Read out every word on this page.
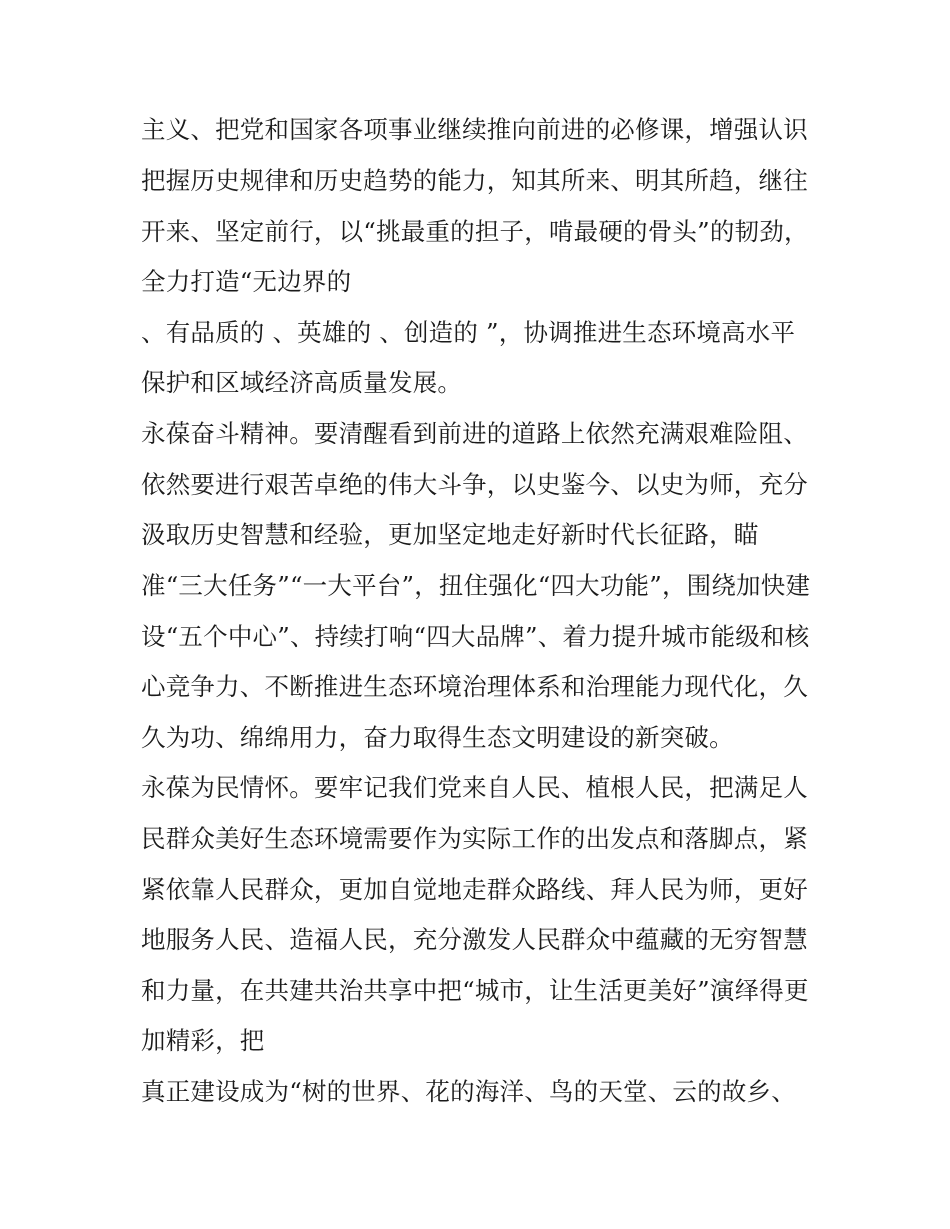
主义、把党和国家各项事业继续推向前进的必修课，增强认识
把握历史规律和历史趋势的能力，知其所来、明其所趋，继往
开来、坚定前行，以“挑最重的担子，啃最硬的骨头”的韧劲，
全力打造“无边界的
、有品质的 、英雄的 、创造的 ”，协调推进生态环境高水平
保护和区域经济高质量发展。
永葆奋斗精神。要清醒看到前进的道路上依然充满艰难险阻、
依然要进行艰苦卓绝的伟大斗争，以史鉴今、以史为师，充分
汲取历史智慧和经验，更加坚定地走好新时代长征路，瞄
准“三大任务”“一大平台”，扭住强化“四大功能”，围绕加快建
设“五个中心”、持续打响“四大品牌”、着力提升城市能级和核
心竞争力、不断推进生态环境治理体系和治理能力现代化，久
久为功、绵绵用力，奋力取得生态文明建设的新突破。
永葆为民情怀。要牢记我们党来自人民、植根人民，把满足人
民群众美好生态环境需要作为实际工作的出发点和落脚点，紧
紧依靠人民群众，更加自觉地走群众路线、拜人民为师，更好
地服务人民、造福人民，充分激发人民群众中蕴藏的无穷智慧
和力量，在共建共治共享中把“城市，让生活更美好”演绎得更
加精彩，把
真正建设成为“树的世界、花的海洋、鸟的天堂、云的故乡、
